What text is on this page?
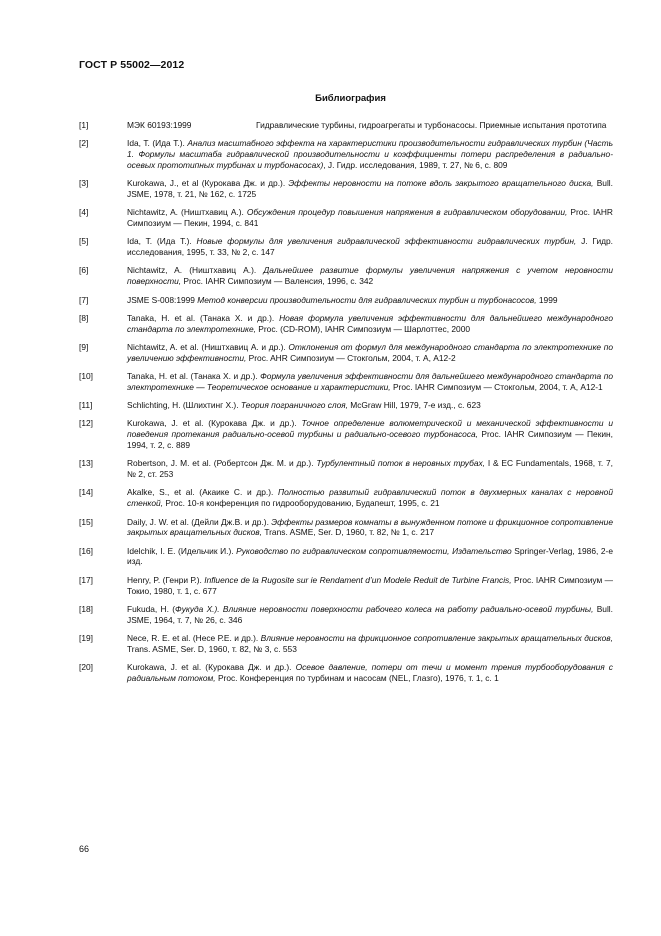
ГОСТ Р 55002—2012
Библиография
[1]	МЭК 60193:1999	Гидравлические турбины, гидроагрегаты и турбонасосы. Приемные испытания прототипа
[2]	Ida, T. (Ида Т.). Анализ масштабного эффекта на характеристики производительности гидравлических турбин (Часть 1. Формулы масштаба гидравлической производительности и коэффициенты потери распределения в радиально-осевых прототипных турбинах и турбонасосах), J. Гидр. исследования, 1989, т. 27, № 6, с. 809
[3]	Kurokawa, J., et al (Курокава Дж. и др.). Эффекты неровности на потоке вдоль закрытого вращательного диска, Bull. JSME, 1978, т. 21, № 162, с. 1725
[4]	Nichtawitz, A. (Ништхавиц А.). Обсуждения процедур повышения напряжения в гидравлическом оборудовании, Proc. IAHR Симпозиум — Пекин, 1994, с. 841
[5]	Ida, T. (Ида Т.). Новые формулы для увеличения гидравлической эффективности гидравлических турбин, J. Гидр. исследования, 1995, т. 33, № 2, с. 147
[6]	Nichtawitz, A. (Ништхавиц А.). Дальнейшее развитие формулы увеличения напряжения с учетом неровности поверхности, Proc. IAHR Симпозиум — Валенсия, 1996, с. 342
[7]	JSME S-008:1999 Метод конверсии производительности для гидравлических турбин и турбонасосов, 1999
[8]	Tanaka, H. et al. (Танака Х. и др.). Новая формула увеличения эффективности для дальнейшего международного стандарта по электротехнике, Proc. (CD-ROM), IAHR Симпозиум — Шарлоттес, 2000
[9]	Nichtawitz, A. et al. (Ништхавиц А. и др.). Отклонения от формул для международного стандарта по электротехнике по увеличению эффективности, Proc. AHR Симпозиум — Стокгольм, 2004, т. А, А12-2
[10]	Tanaka, H. et al. (Танака Х. и др.). Формула увеличения эффективности для дальнейшего международного стандарта по электротехнике — Теоретическое основание и характеристики, Proc. IAHR Симпозиум — Стокгольм, 2004, т. А, А12-1
[11]	Schlichting, H. (Шлихтинг Х.). Теория пограничного слоя, McGraw Hill, 1979, 7-е изд., с. 623
[12]	Kurokawa, J. et al. (Курокава Дж. и др.). Точное определение волюметрической и механической эффективности и поведения протекания радиально-осевой турбины и радиально-осевого турбонасоса, Proc. IAHR Симпозиум — Пекин, 1994, т. 2, с. 889
[13]	Robertson, J. M. et al. (Робертсон Дж. М. и др.). Турбулентный поток в неровных трубах, I & EC Fundamentals, 1968, т. 7, № 2, ст. 253
[14]	Akalke, S., et al. (Акаике С. и др.). Полностью развитый гидравлический поток в двухмерных каналах с неровной стенкой, Proc. 10-я конференция по гидрооборудованию, Будапешт, 1995, с. 21
[15]	Daily, J. W. et al. (Дейли Дж.В. и др.). Эффекты размеров комнаты в вынужденном потоке и фрикционное сопротивление закрытых вращательных дисков, Trans. ASME, Ser. D, 1960, т. 82, № 1, с. 217
[16]	Idelchik, I. E. (Идельчик И.). Руководство по гидравлическом сопротивляемости, Издательство Springer-Verlag, 1986, 2-е изд.
[17]	Henry, P. (Генри Р.). Influence de la Rugosite sur ie Rendament d’un Modele Reduit de Turbine Francis, Proc. IAHR Симпозиум — Токио, 1980, т. 1, с. 677
[18]	Fukuda, H. (Фукуда Х.). Влияние неровности поверхности рабочего колеса на работу радиально-осевой турбины, Bull. JSME, 1964, т. 7, № 26, с. 346
[19]	Nece, R. E. et al. (Несе Р.Е. и др.). Влияние неровности на фрикционное сопротивление закрытых вращательных дисков, Trans. ASME, Ser. D, 1960, т. 82, № 3, с. 553
[20]	Kurokawa, J. et al. (Курокава Дж. и др.). Осевое давление, потери от течи и момент трения турбооборудования с радиальным потоком, Proc. Конференция по турбинам и насосам (NEL, Глазго), 1976, т. 1, с. 1
66
